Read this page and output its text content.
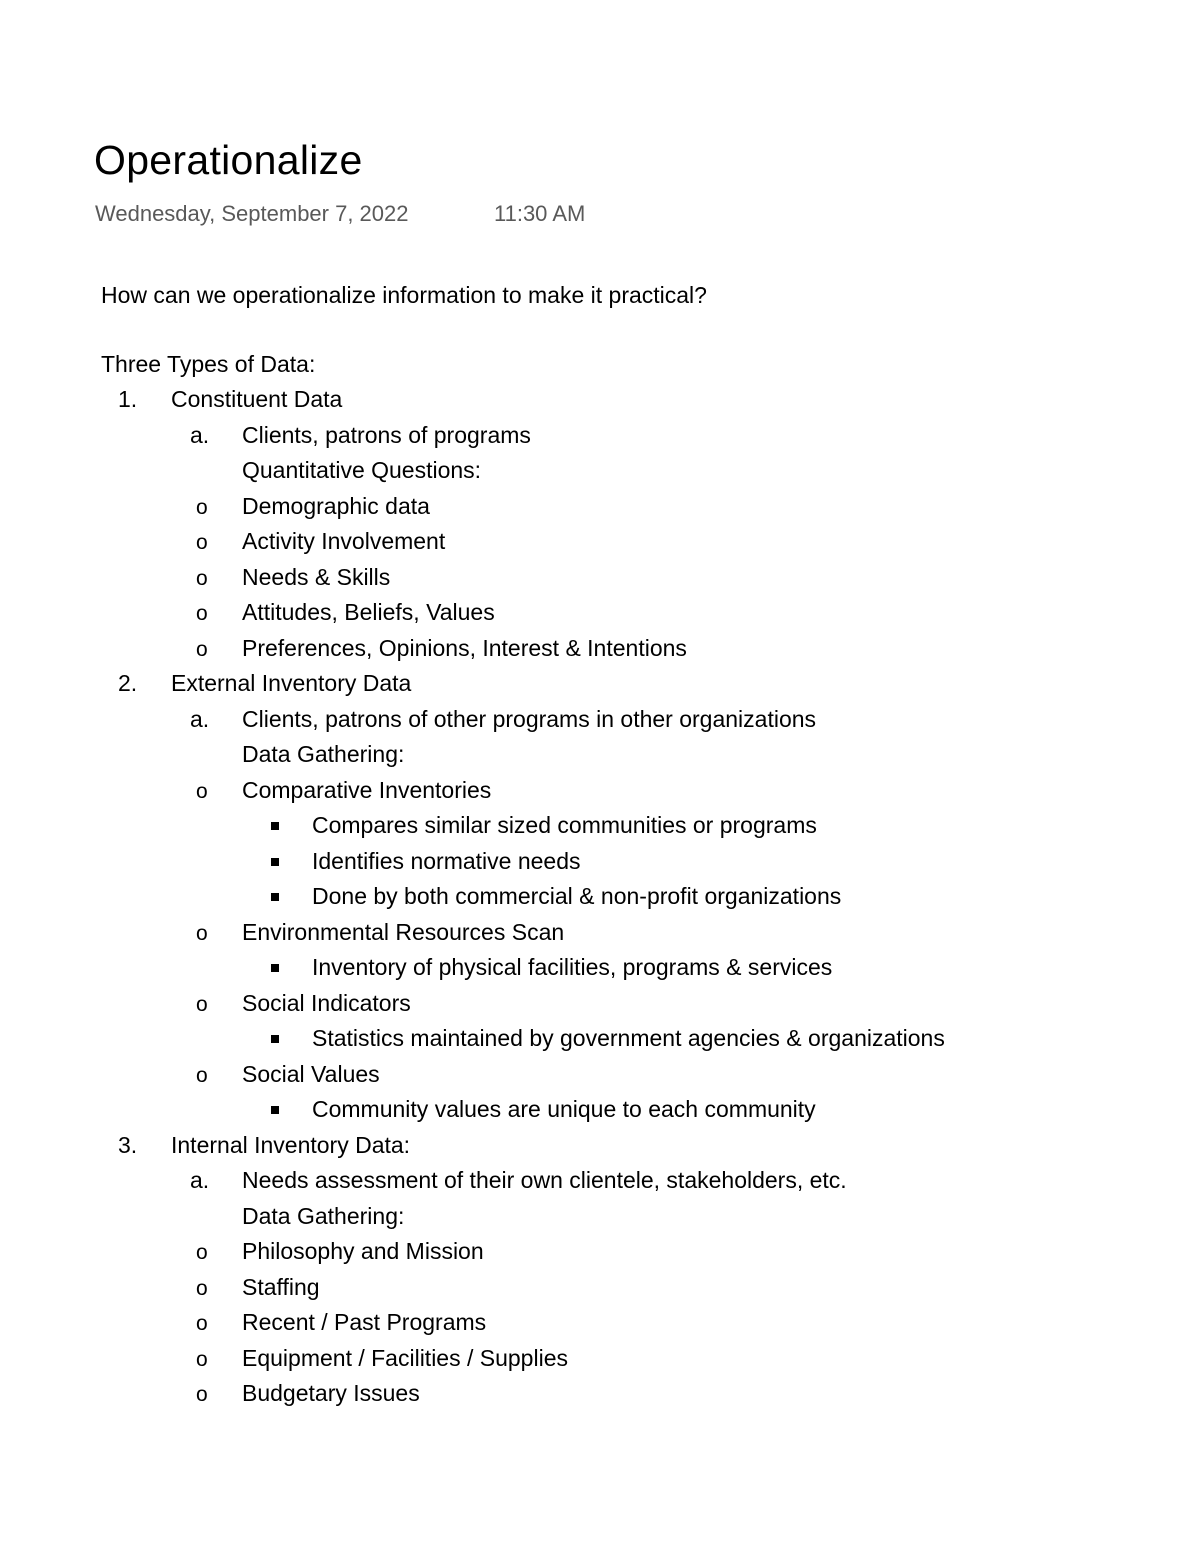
Operationalize
Wednesday, September 7, 2022	11:30 AM
How can we operationalize information to make it practical?
Three Types of Data:
1. Constituent Data
a. Clients, patrons of programs
Quantitative Questions:
o Demographic data
o Activity Involvement
o Needs & Skills
o Attitudes, Beliefs, Values
o Preferences, Opinions, Interest & Intentions
2. External Inventory Data
a. Clients, patrons of other programs in other organizations
Data Gathering:
o Comparative Inventories
Compares similar sized communities or programs
Identifies normative needs
Done by both commercial & non-profit organizations
o Environmental Resources Scan
Inventory of physical facilities, programs & services
o Social Indicators
Statistics maintained by government agencies & organizations
o Social Values
Community values are unique to each community
3. Internal Inventory Data:
a. Needs assessment of their own clientele, stakeholders, etc.
Data Gathering:
o Philosophy and Mission
o Staffing
o Recent / Past Programs
o Equipment / Facilities / Supplies
o Budgetary Issues
